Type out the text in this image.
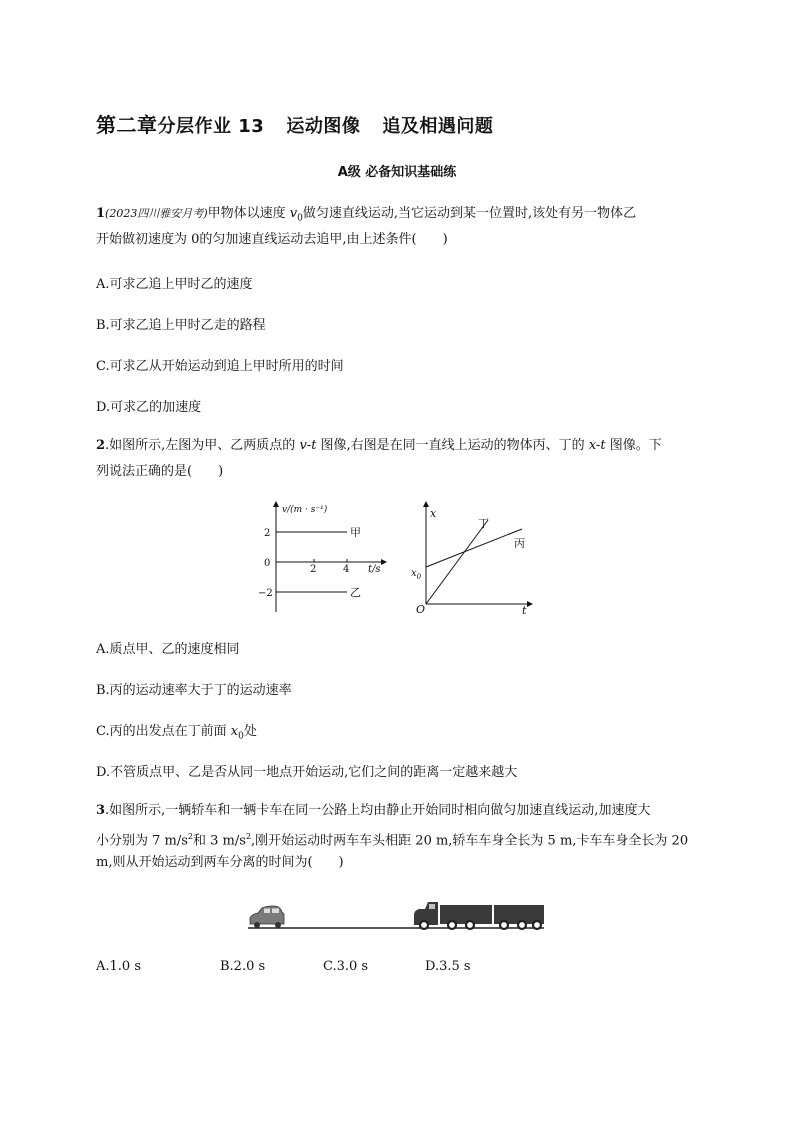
第二章分层作业 13 运动图像 追及相遇问题
A级 必备知识基础练
1(2023四川雅安月考)甲物体以速度 $v_0$做匀速直线运动,当它运动到某一位置时,该处有另一物体乙
开始做初速度为 0的匀加速直线运动去追甲,由上述条件(　　)
A.可求乙追上甲时乙的速度
B.可求乙追上甲时乙走的路程
C.可求乙从开始运动到追上甲时所用的时间
D.可求乙的加速度
2.如图所示,左图为甲、乙两质点的 v-t 图像,右图是在同一直线上运动的物体丙、丁的 x-t 图像。下
列说法正确的是(　　)
v/(m · s⁻¹)
t/s
2
0
−2
2	4
甲
乙
x
t
O
$x_0$
丁
丙
A.质点甲、乙的速度相同
B.丙的运动速率大于丁的运动速率
C.丙的出发点在丁前面 $x_0$处
D.不管质点甲、乙是否从同一地点开始运动,它们之间的距离一定越来越大
3.如图所示,一辆轿车和一辆卡车在同一公路上均由静止开始同时相向做匀加速直线运动,加速度大
小分别为 7 $m/s^2$和 3 $m/s^2$,刚开始运动时两车车头相距 20 m,轿车车身全长为 5 m,卡车车身全长为 20
m,则从开始运动到两车分离的时间为(　　)
A.1.0 s	B.2.0 s	C.3.0 s	D.3.5 s
